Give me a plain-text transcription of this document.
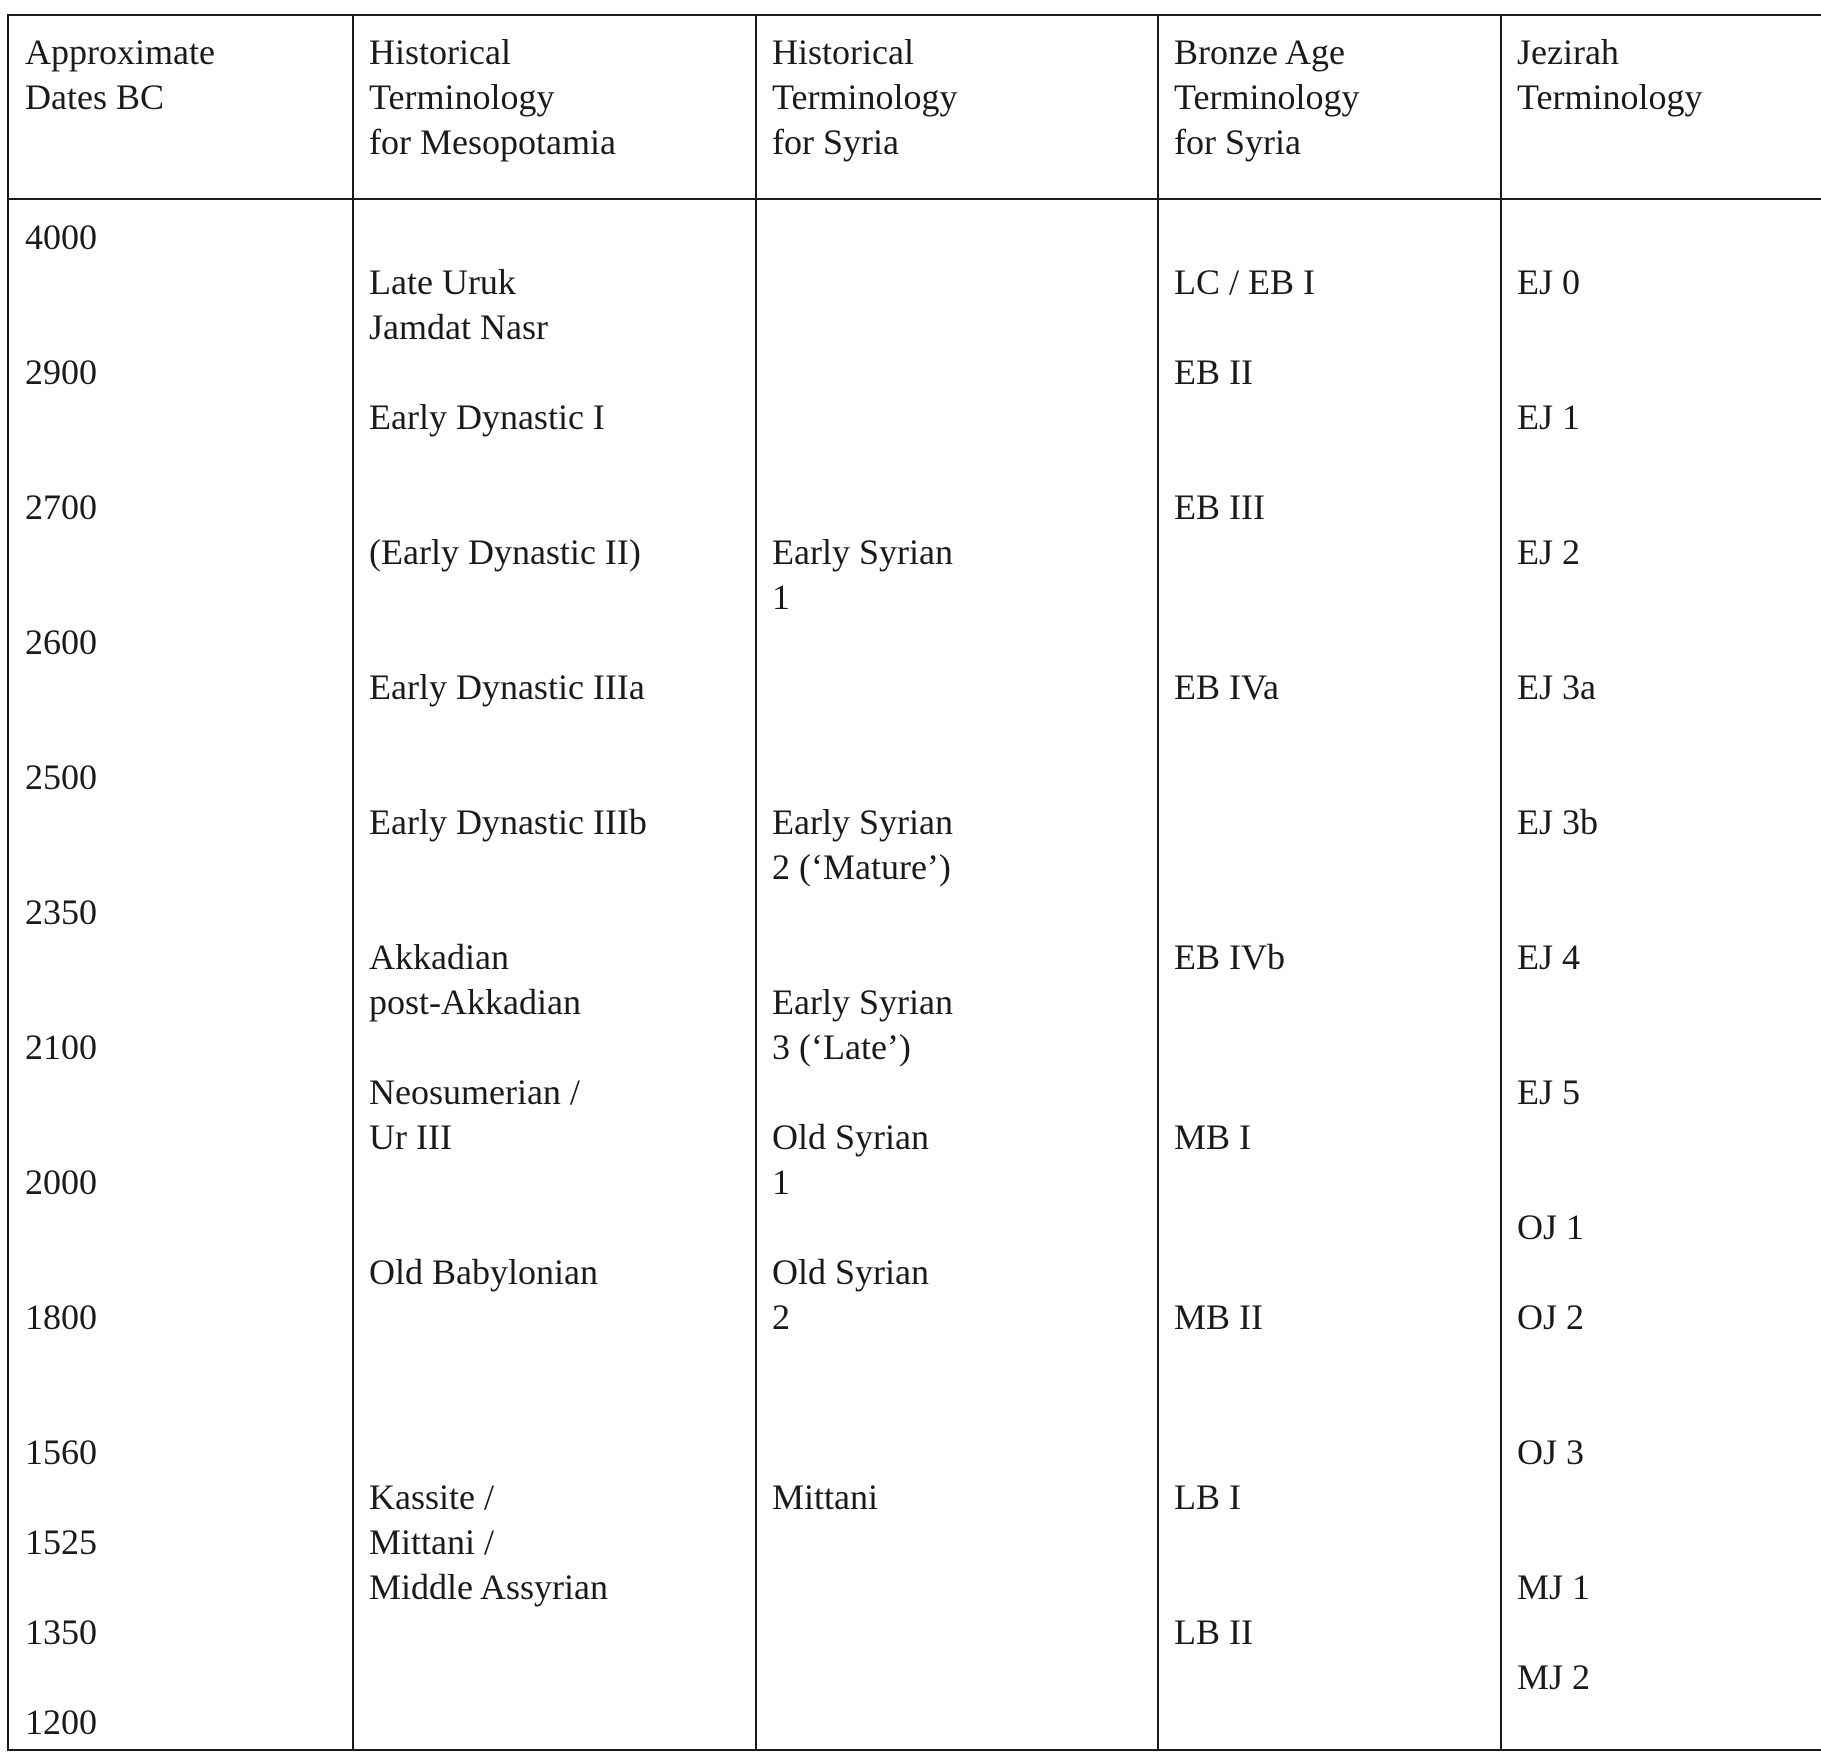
Approximate
Dates BC
Historical
Terminology
for Mesopotamia
Historical
Terminology
for Syria
Bronze Age
Terminology
for Syria
Jezirah
Terminology
4000
2900
2700
2600
2500
2350
2100
2000
1800
1560
1525
1350
1200
Late Uruk
Jamdat Nasr
Early Dynastic I
(Early Dynastic II)
Early Dynastic IIIa
Early Dynastic IIIb
Akkadian
post-Akkadian
Neosumerian /
Ur III
Old Babylonian
Kassite /
Mittani /
Middle Assyrian
Early Syrian
1
Early Syrian
2 (‘Mature’)
Early Syrian
3 (‘Late’)
Old Syrian
1
Old Syrian
2
Mittani
LC / EB I
EB II
EB III
EB IVa
EB IVb
MB I
MB II
LB I
LB II
EJ 0
EJ 1
EJ 2
EJ 3a
EJ 3b
EJ 4
EJ 5
OJ 1
OJ 2
OJ 3
MJ 1
MJ 2
